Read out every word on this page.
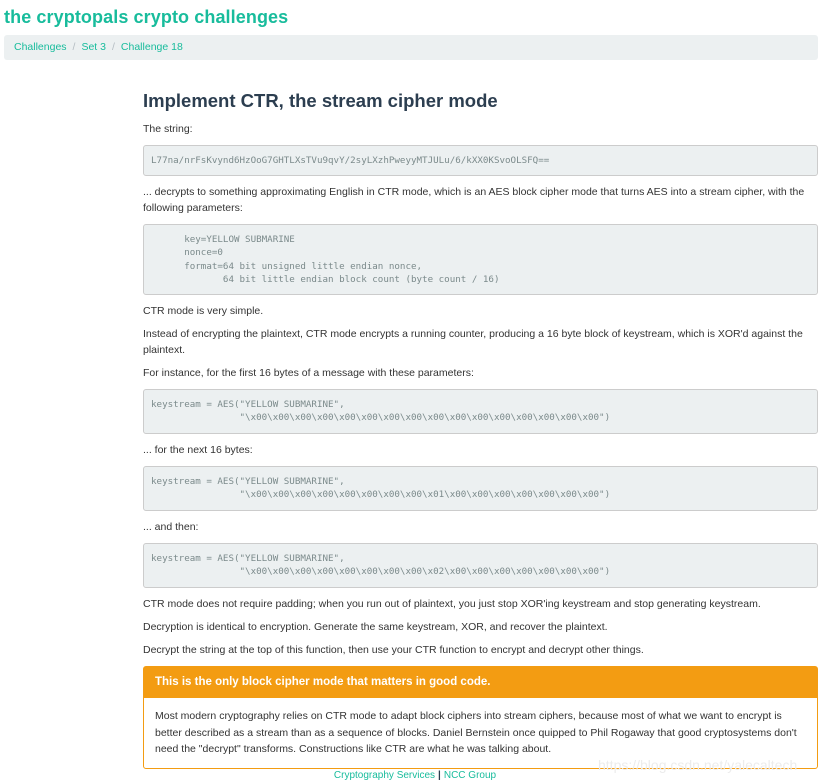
the cryptopals crypto challenges
Challenges / Set 3 / Challenge 18
Implement CTR, the stream cipher mode

The string:

L77na/nrFsKvynd6HzOoG7GHTLXsTVu9qvY/2syLXzhPweyyMTJULu/6/kXX0KSvoOLSFQ==

... decrypts to something approximating English in CTR mode, which is an AES block cipher mode that turns AES into a stream cipher, with the following parameters:

key=YELLOW SUBMARINE
nonce=0
format=64 bit unsigned little endian nonce,
64 bit little endian block count (byte count / 16)

CTR mode is very simple.

Instead of encrypting the plaintext, CTR mode encrypts a running counter, producing a 16 byte block of keystream, which is XOR'd against the plaintext.

For instance, for the first 16 bytes of a message with these parameters:

keystream = AES("YELLOW SUBMARINE",
"\x00\x00\x00\x00\x00\x00\x00\x00\x00\x00\x00\x00\x00\x00\x00\x00")

... for the next 16 bytes:

keystream = AES("YELLOW SUBMARINE",
"\x00\x00\x00\x00\x00\x00\x00\x00\x01\x00\x00\x00\x00\x00\x00\x00")

... and then:

keystream = AES("YELLOW SUBMARINE",
"\x00\x00\x00\x00\x00\x00\x00\x00\x02\x00\x00\x00\x00\x00\x00\x00")

CTR mode does not require padding; when you run out of plaintext, you just stop XOR'ing keystream and stop generating keystream.

Decryption is identical to encryption. Generate the same keystream, XOR, and recover the plaintext.

Decrypt the string at the top of this function, then use your CTR function to encrypt and decrypt other things.

This is the only block cipher mode that matters in good code.
Most modern cryptography relies on CTR mode to adapt block ciphers into stream ciphers, because most of what we want to encrypt is better described as a stream than as a sequence of blocks. Daniel Bernstein once quipped to Phil Rogaway that good cryptosystems don't need the "decrypt" transforms. Constructions like CTR are what he was talking about.
Cryptography Services | NCC Group
https://blog.csdn.net/yalecaltech
